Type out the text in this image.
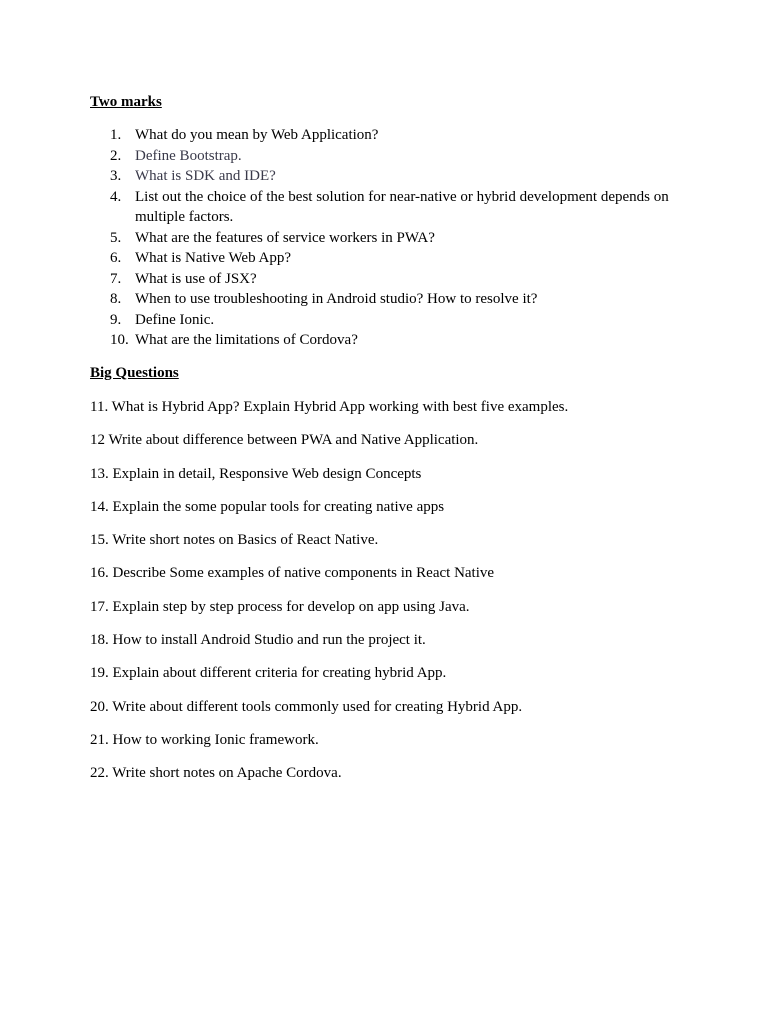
Two marks
1. What do you mean by Web Application?
2. Define Bootstrap.
3. What is SDK and IDE?
4. List out the choice of the best solution for near-native or hybrid development depends on multiple factors.
5. What are the features of service workers in PWA?
6. What is Native Web App?
7. What is use of JSX?
8. When to use troubleshooting in Android studio? How to resolve it?
9. Define Ionic.
10. What are the limitations of Cordova?
Big Questions
11. What is Hybrid App? Explain Hybrid App working with best five examples.
12 Write about difference between PWA and Native Application.
13. Explain in detail, Responsive Web design Concepts
14. Explain the some popular tools for creating native apps
15. Write short notes on Basics of React Native.
16. Describe Some examples of native components in React Native
17. Explain step by step process for develop on app using Java.
18. How to install Android Studio and run the project it.
19. Explain about different criteria for creating hybrid App.
20. Write about different tools commonly used for creating Hybrid App.
21. How to working Ionic framework.
22. Write short notes on Apache Cordova.
